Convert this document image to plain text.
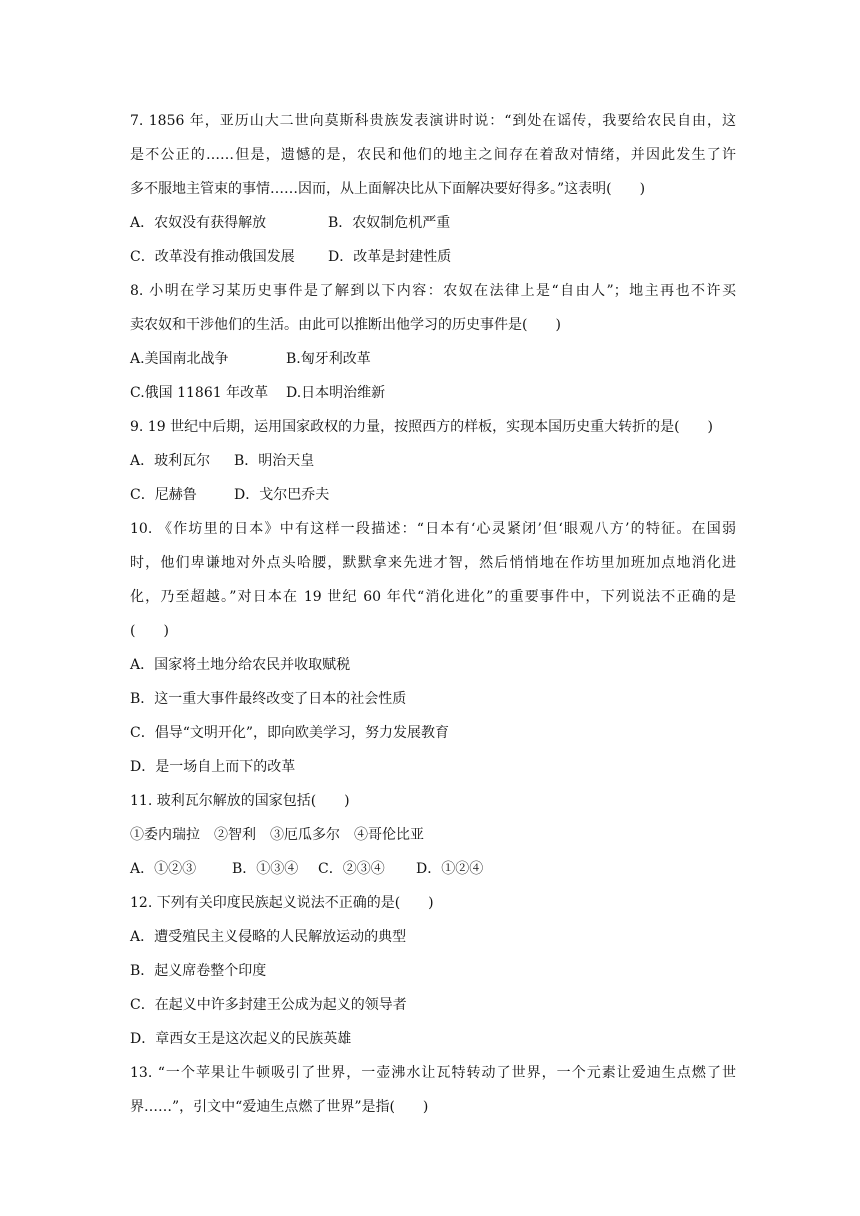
7. 1856 年，亚历山大二世向莫斯科贵族发表演讲时说：“到处在谣传，我要给农民自由，这
是不公正的……但是，遗憾的是，农民和他们的地主之间存在着敌对情绪，并因此发生了许
多不服地主管束的事情……因而，从上面解决比从下面解决要好得多。”这表明(　　)
A．农奴没有获得解放	B．农奴制危机严重
C．改革没有推动俄国发展 D．改革是封建性质
8. 小明在学习某历史事件是了解到以下内容：农奴在法律上是“自由人”；地主再也不许买
卖农奴和干涉他们的生活。由此可以推断出他学习的历史事件是(　　)
A.美国南北战争	B.匈牙利改革
C.俄国 11861 年改革 D.日本明治维新
9. 19 世纪中后期，运用国家政权的力量，按照西方的样板，实现本国历史重大转折的是(　　)
A．玻利瓦尔 B．明治天皇
C．尼赫鲁	D．戈尔巴乔夫
10. 《作坊里的日本》中有这样一段描述：“日本有‘心灵紧闭’但‘眼观八方’的特征。在国弱
时，他们卑谦地对外点头哈腰，默默拿来先进才智，然后悄悄地在作坊里加班加点地消化进
化，乃至超越。”对日本在 19 世纪 60 年代“消化进化”的重要事件中，下列说法不正确的是
(　　)
A．国家将土地分给农民并收取赋税
B．这一重大事件最终改变了日本的社会性质
C．倡导“文明开化”，即向欧美学习，努力发展教育
D．是一场自上而下的改革
11. 玻利瓦尔解放的国家包括(　　)
①委内瑞拉　②智利　③厄瓜多尔　④哥伦比亚
A．①②③	B．①③④ C．②③④ D．①②④
12. 下列有关印度民族起义说法不正确的是(　　)
A．遭受殖民主义侵略的人民解放运动的典型
B．起义席卷整个印度
C．在起义中许多封建王公成为起义的领导者
D．章西女王是这次起义的民族英雄
13. “一个苹果让牛顿吸引了世界，一壶沸水让瓦特转动了世界，一个元素让爱迪生点燃了世
界……”，引文中“爱迪生点燃了世界”是指(　　)
